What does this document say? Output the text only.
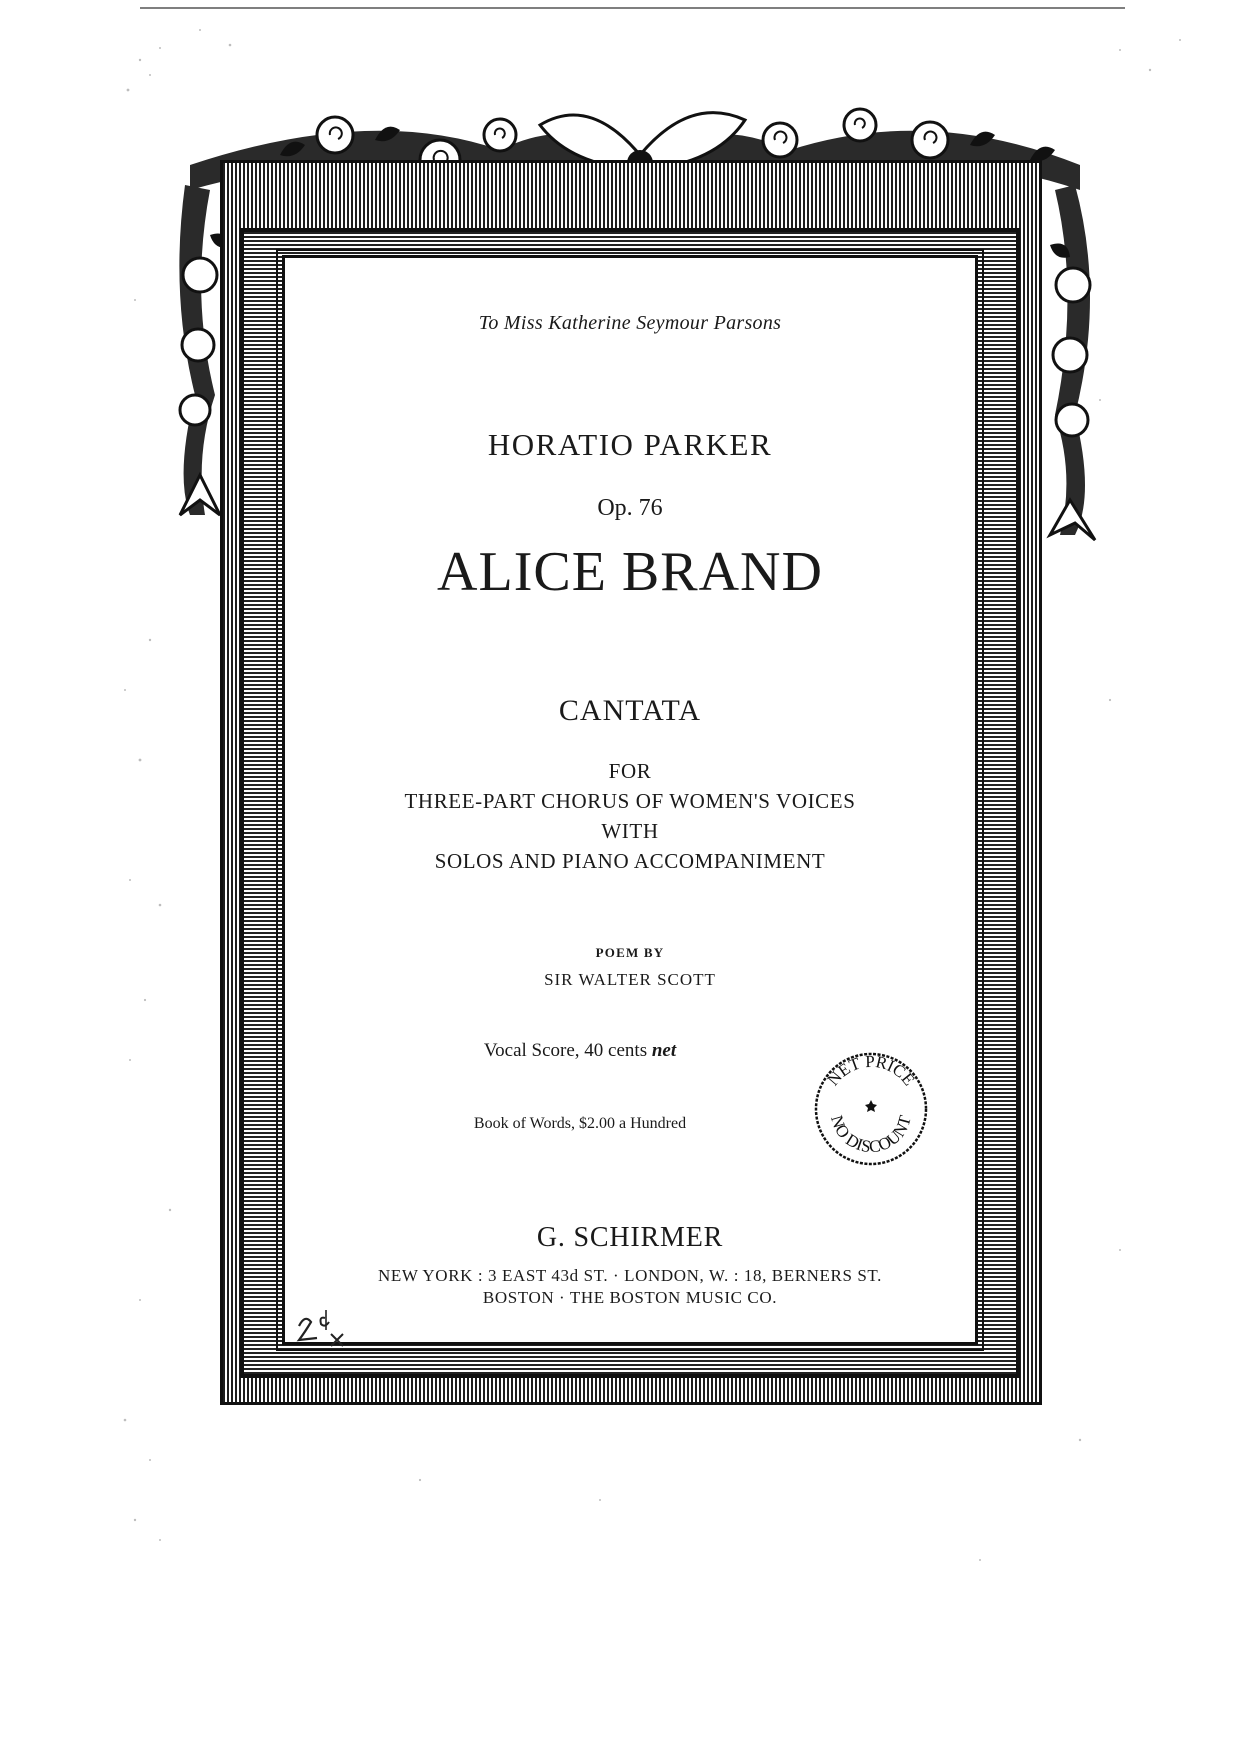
To Miss Katherine Seymour Parsons

HORATIO PARKER

Op. 76

ALICE BRAND

CANTATA

FOR
THREE-PART CHORUS OF WOMEN'S VOICES
WITH
SOLOS AND PIANO ACCOMPANIMENT

POEM BY

SIR WALTER SCOTT

Vocal Score, 40 cents net

Book of Words, $2.00 a Hundred

NET PRICE
NO DISCOUNT

G. SCHIRMER

NEW YORK : 3 EAST 43d ST. · LONDON, W. : 18, BERNERS ST.
BOSTON · THE BOSTON MUSIC CO.
